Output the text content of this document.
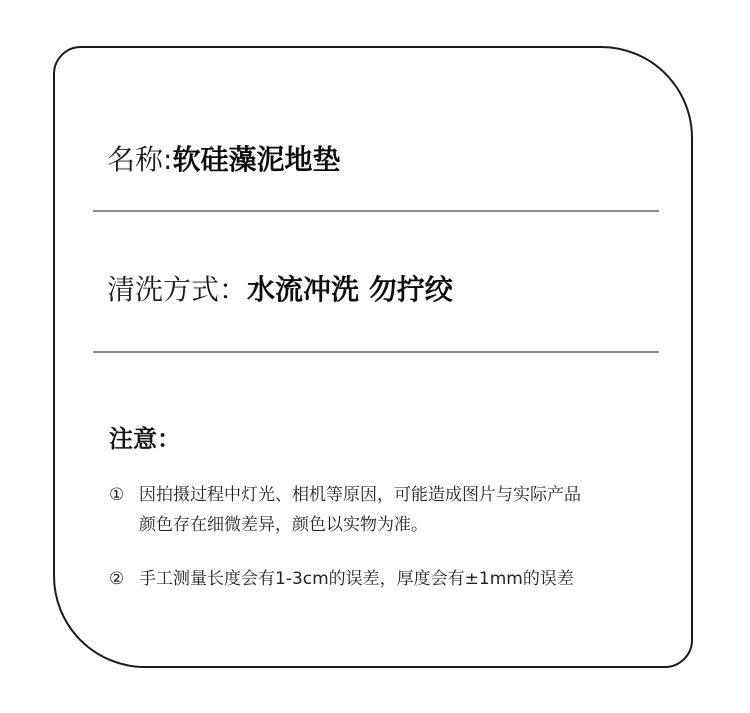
名称:软硅藻泥地垫
清洗方式：水流冲洗 勿拧绞
注意：
① 因拍摄过程中灯光、相机等原因，可能造成图片与实际产品
颜色存在细微差异，颜色以实物为准。
② 手工测量长度会有1-3cm的误差，厚度会有±1mm的误差
